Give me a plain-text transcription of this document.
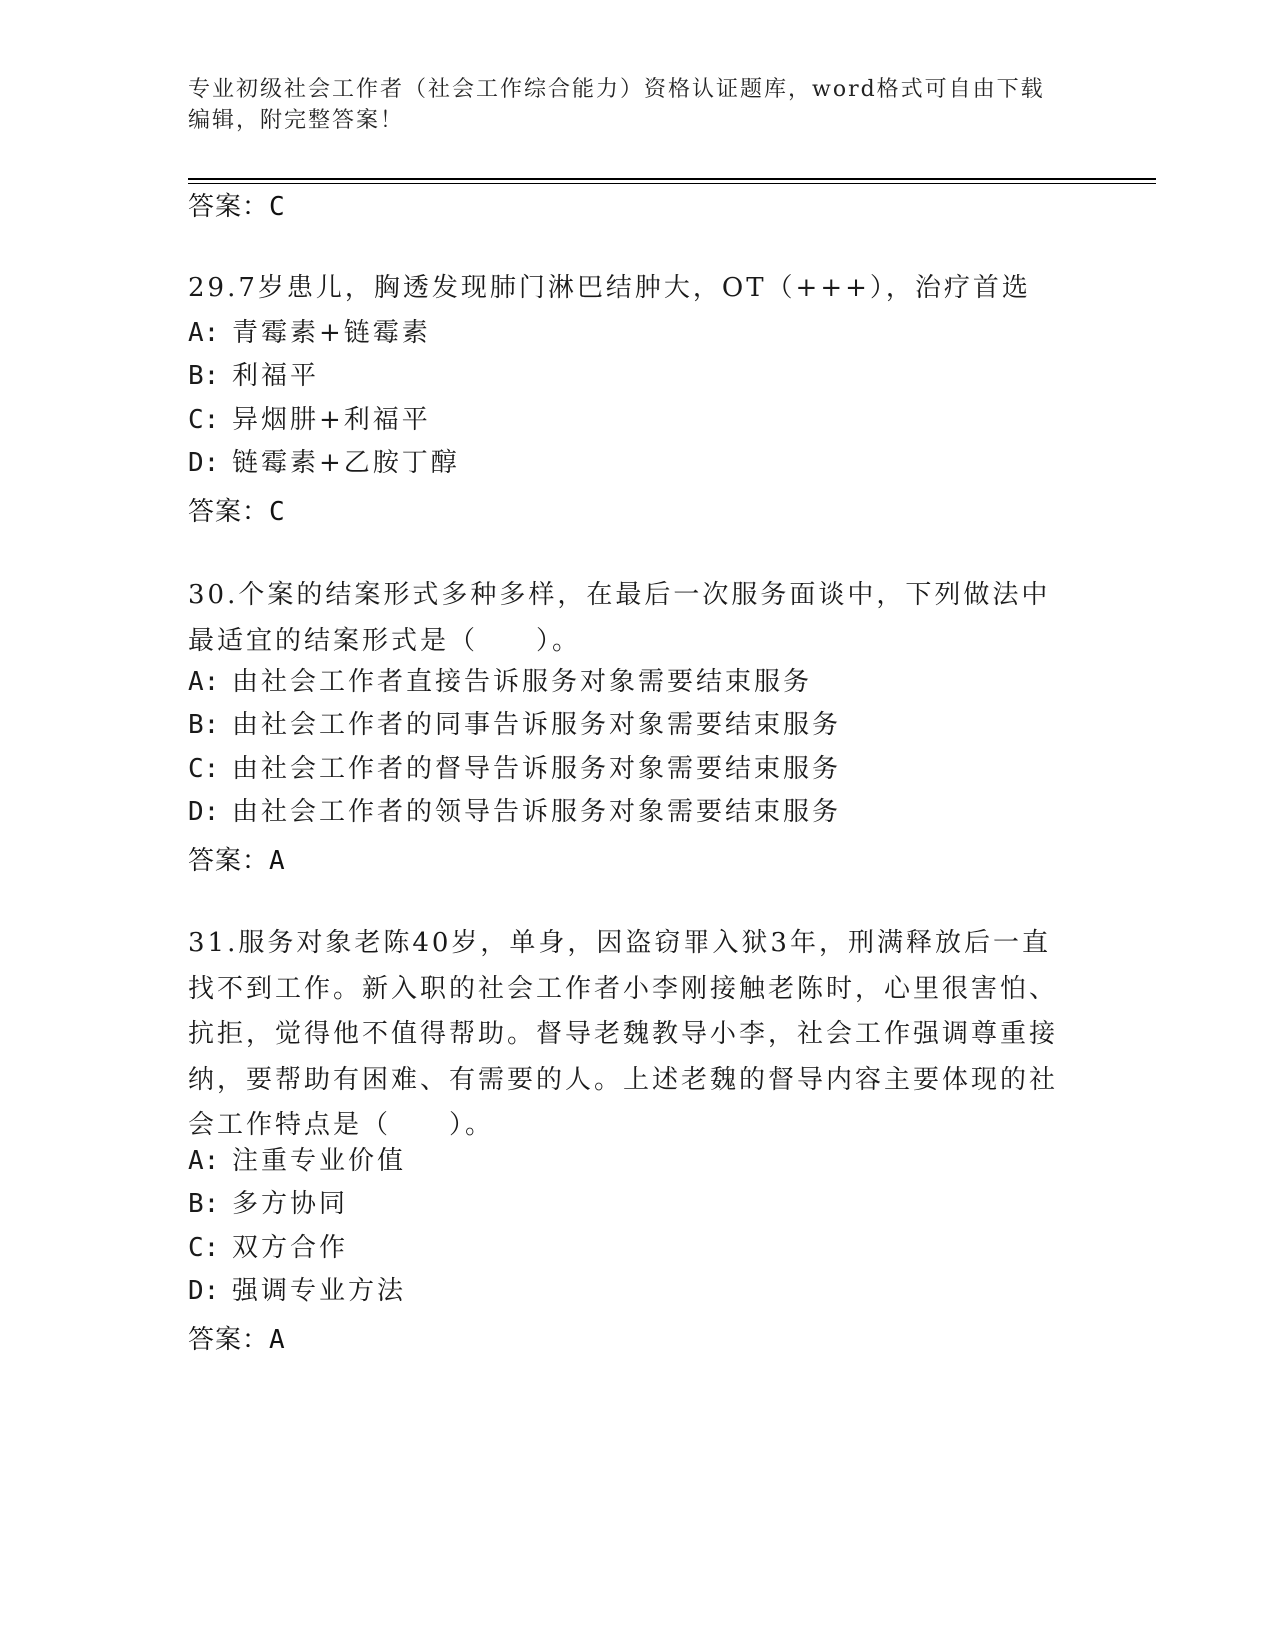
专业初级社会工作者（社会工作综合能力）资格认证题库，word格式可自由下载编辑，附完整答案！
答案：C
29.7岁患儿，胸透发现肺门淋巴结肿大，OT（+++），治疗首选
A: 青霉素+链霉素
B: 利福平
C: 异烟肼+利福平
D: 链霉素+乙胺丁醇
答案：C
30.个案的结案形式多种多样，在最后一次服务面谈中，下列做法中最适宜的结案形式是（　　）。
A: 由社会工作者直接告诉服务对象需要结束服务
B: 由社会工作者的同事告诉服务对象需要结束服务
C: 由社会工作者的督导告诉服务对象需要结束服务
D: 由社会工作者的领导告诉服务对象需要结束服务
答案：A
31.服务对象老陈40岁，单身，因盗窃罪入狱3年，刑满释放后一直找不到工作。新入职的社会工作者小李刚接触老陈时，心里很害怕、抗拒，觉得他不值得帮助。督导老魏教导小李，社会工作强调尊重接纳，要帮助有困难、有需要的人。上述老魏的督导内容主要体现的社会工作特点是（　　）。
A: 注重专业价值
B: 多方协同
C: 双方合作
D: 强调专业方法
答案：A
